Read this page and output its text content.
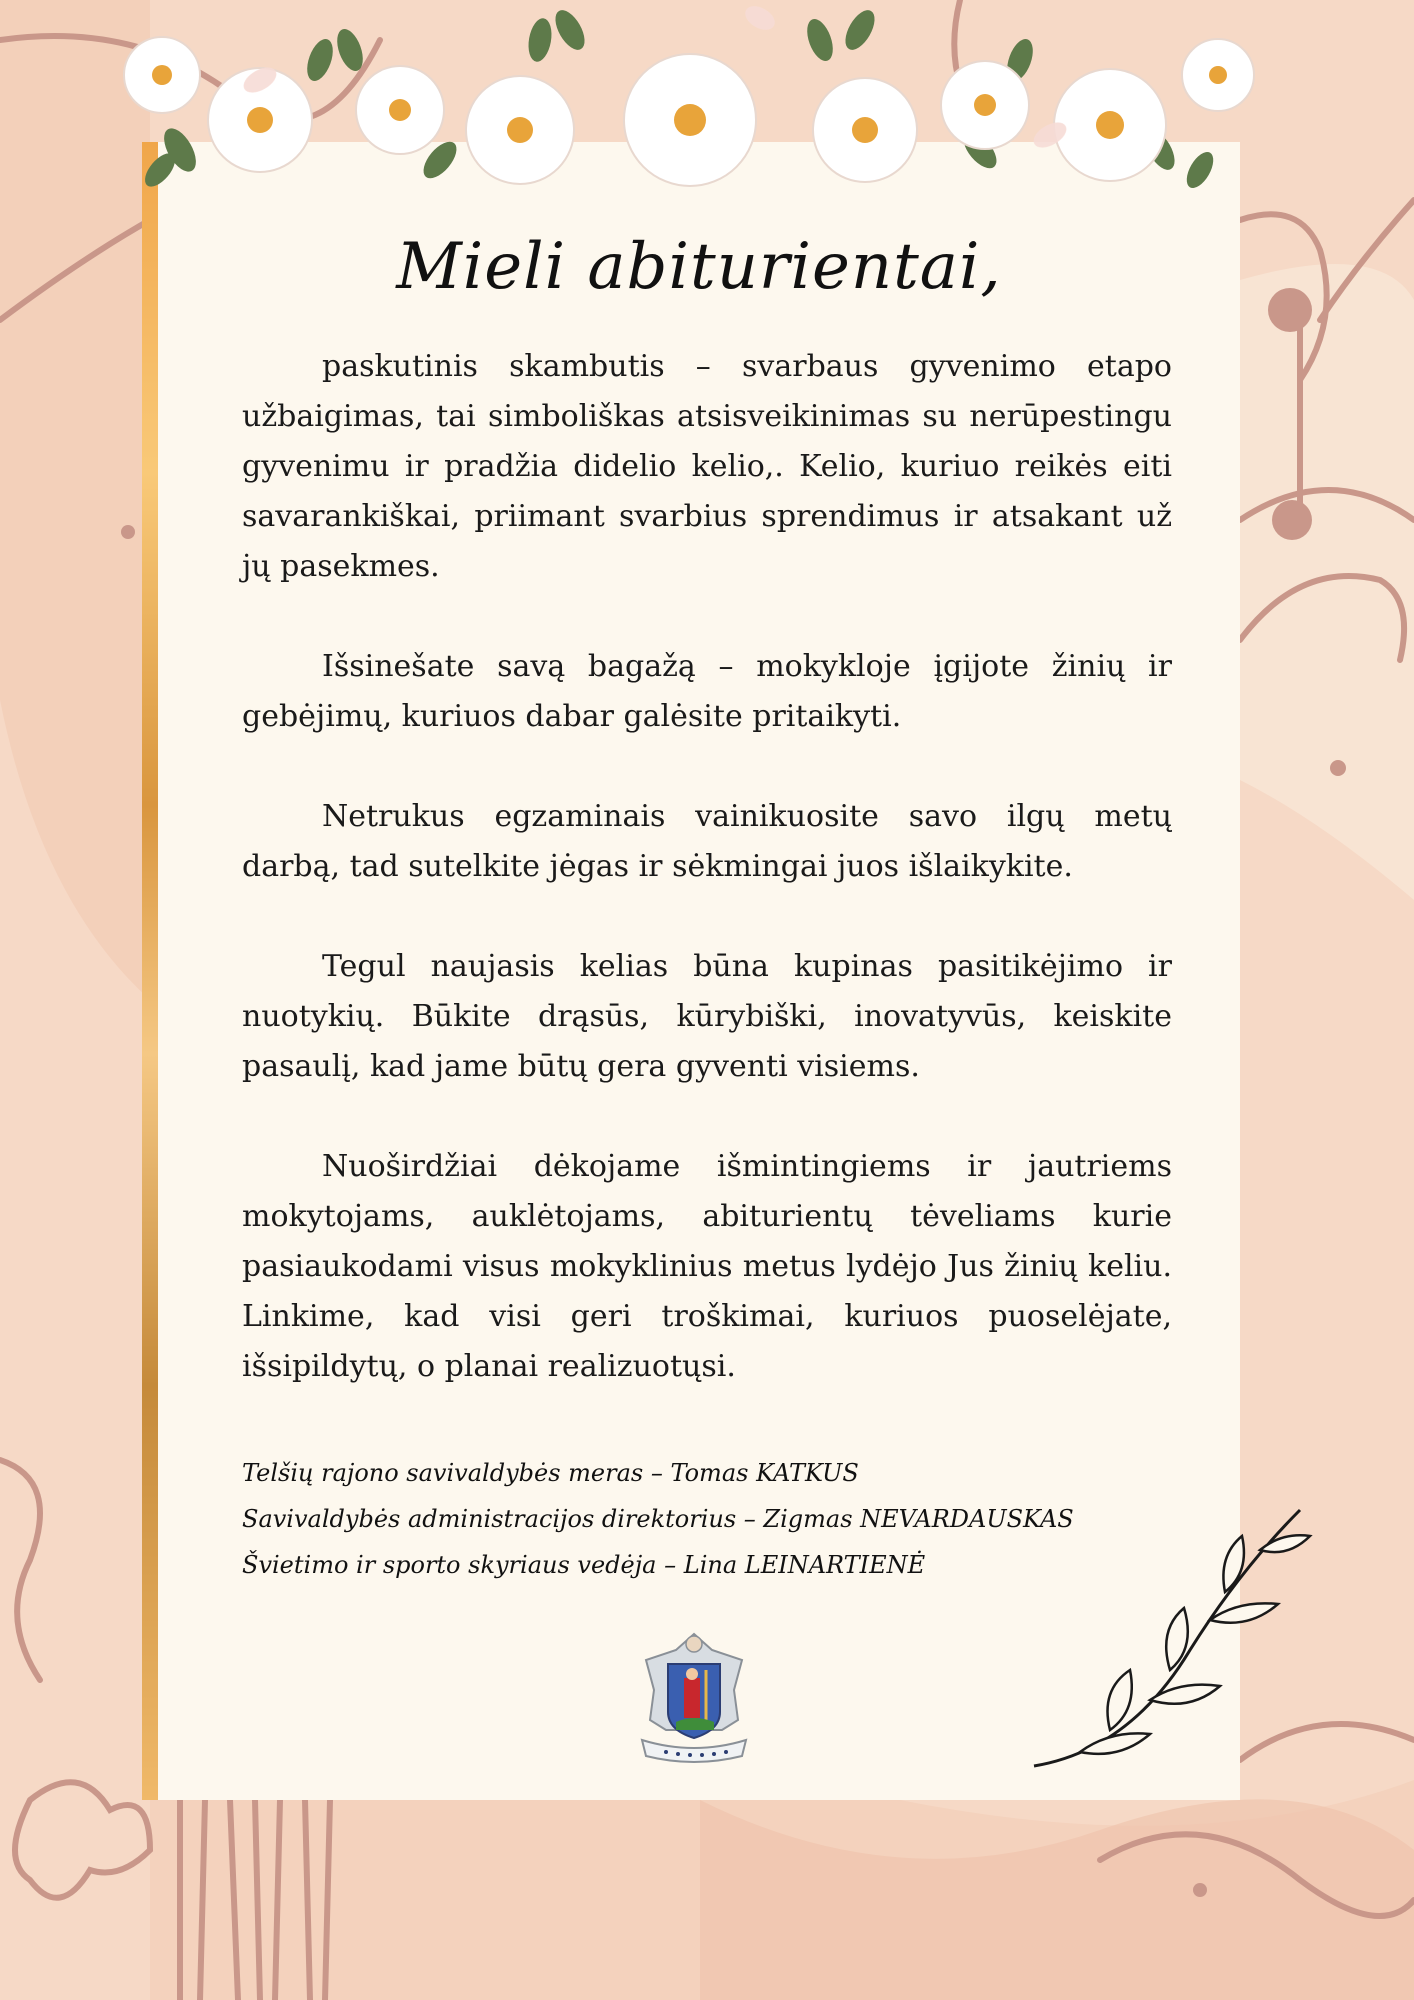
Mieli abiturientai,

paskutinis skambutis – svarbaus gyvenimo etapo užbaigimas, tai simboliškas atsisveikinimas su nerūpestingu gyvenimu ir pradžia didelio kelio,. Kelio, kuriuo reikės eiti savarankiškai, priimant svarbius sprendimus ir atsakant už jų pasekmes.

Išsinešate savą bagažą – mokykloje įgijote žinių ir gebėjimų, kuriuos dabar galėsite pritaikyti.

Netrukus egzaminais vainikuosite savo ilgų metų darbą, tad sutelkite jėgas ir sėkmingai juos išlaikykite.

Tegul naujasis kelias būna kupinas pasitikėjimo ir nuotykių. Būkite drąsūs, kūrybiški, inovatyvūs, keiskite pasaulį, kad jame būtų gera gyventi visiems.

Nuoširdžiai dėkojame išmintingiems ir jautriems mokytojams, auklėtojams, abiturientų tėveliams kurie pasiaukodami visus mokyklinius metus lydėjo Jus žinių keliu. Linkime, kad visi geri troškimai, kuriuos puoselėjate, išsipildytų, o planai realizuotųsi.

Telšių rajono savivaldybės meras – Tomas KATKUS
Savivaldybės administracijos direktorius – Zigmas NEVARDAUSKAS
Švietimo ir sporto skyriaus vedėja – Lina LEINARTIENĖ
